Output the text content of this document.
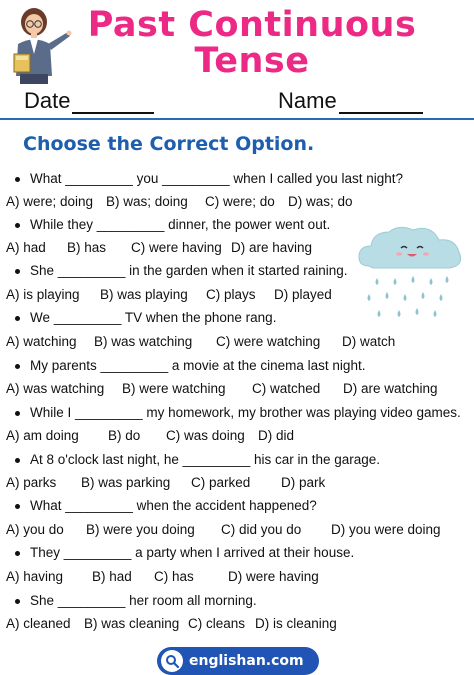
Past Continuous
Tense
Date	Name
Choose the Correct Option.
What _________ you _________ when I called you last night?
A) were; doing B) was; doing C) were; do D) was; do
While they _________ dinner, the power went out.
A) had B) has C) were having D) are having
She _________ in the garden when it started raining.
A) is playing B) was playing C) plays D) played
We _________ TV when the phone rang.
A) watching B) was watching C) were watching D) watch
My parents _________ a movie at the cinema last night.
A) was watching B) were watching C) watched D) are watching
While I _________ my homework, my brother was playing video games.
A) am doing B) do C) was doing D) did
At 8 o'clock last night, he _________ his car in the garage.
A) parks B) was parking C) parked D) park
What _________ when the accident happened?
A) you do B) were you doing C) did you do D) you were doing
They _________ a party when I arrived at their house.
A) having B) had C) has	D) were having
She _________ her room all morning.
A) cleaned B) was cleaning C) cleans D) is cleaning
englishan.com
